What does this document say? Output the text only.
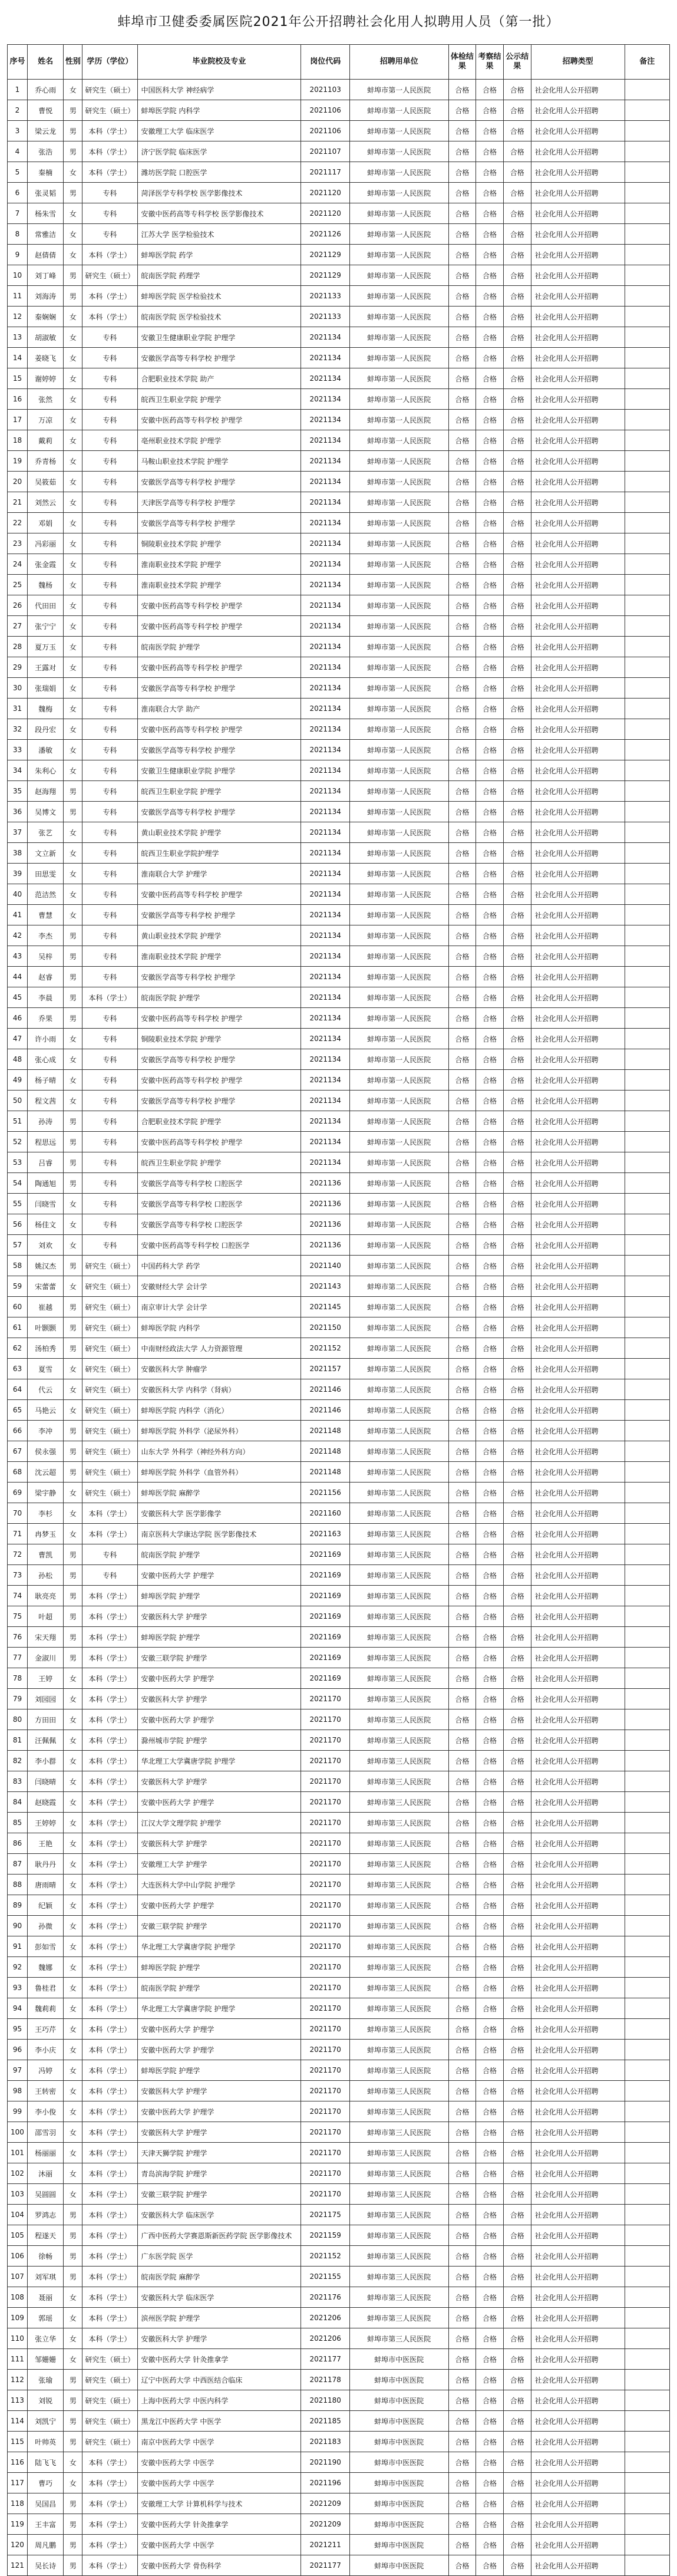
蚌埠市卫健委委属医院2021年公开招聘社会化用人拟聘用人员（第一批）
序号	姓名	性别	学历（学位）	毕业院校及专业	岗位代码	招聘用单位	体检结果	考察结果	公示结果	招聘类型	备注
1	乔心雨	女	研究生（硕士）	中国医科大学 神经病学	2021103	蚌埠市第一人民医院	合格	合格	合格	社会化用人公开招聘	
2	曹悦	男	研究生（硕士）	蚌埠医学院 内科学	2021106	蚌埠市第一人民医院	合格	合格	合格	社会化用人公开招聘	
3	梁云龙	男	本科（学士）	安徽理工大学 临床医学	2021106	蚌埠市第一人民医院	合格	合格	合格	社会化用人公开招聘	
4	张浩	男	本科（学士）	济宁医学院 临床医学	2021107	蚌埠市第一人民医院	合格	合格	合格	社会化用人公开招聘	
5	秦楠	女	本科（学士）	潍坊医学院 口腔医学	2021117	蚌埠市第一人民医院	合格	合格	合格	社会化用人公开招聘	
6	张灵韬	男	专科	菏泽医学专科学校 医学影像技术	2021120	蚌埠市第一人民医院	合格	合格	合格	社会化用人公开招聘	
7	杨朱雪	女	专科	安徽中医药高等专科学校 医学影像技术	2021120	蚌埠市第一人民医院	合格	合格	合格	社会化用人公开招聘	
8	常雅洁	女	专科	江苏大学 医学检验技术	2021126	蚌埠市第一人民医院	合格	合格	合格	社会化用人公开招聘	
9	赵倩倩	女	本科（学士）	蚌埠医学院 药学	2021129	蚌埠市第一人民医院	合格	合格	合格	社会化用人公开招聘	
10	刘丁峰	男	研究生（硕士）	皖南医学院 药理学	2021129	蚌埠市第一人民医院	合格	合格	合格	社会化用人公开招聘	
11	刘海涛	男	本科（学士）	蚌埠医学院 医学检验技术	2021133	蚌埠市第一人民医院	合格	合格	合格	社会化用人公开招聘	
12	秦娴娴	女	本科（学士）	皖南医学院 医学检验技术	2021133	蚌埠市第一人民医院	合格	合格	合格	社会化用人公开招聘	
13	胡淑敏	女	专科	安徽卫生健康职业学院 护理学	2021134	蚌埠市第一人民医院	合格	合格	合格	社会化用人公开招聘	
14	姜晓飞	女	专科	安徽医学高等专科学校 护理学	2021134	蚌埠市第一人民医院	合格	合格	合格	社会化用人公开招聘	
15	谢婷婷	女	专科	合肥职业技术学院 助产	2021134	蚌埠市第一人民医院	合格	合格	合格	社会化用人公开招聘	
16	张然	女	专科	皖西卫生职业学院 护理学	2021134	蚌埠市第一人民医院	合格	合格	合格	社会化用人公开招聘	
17	万凉	女	专科	安徽中医药高等专科学校 护理学	2021134	蚌埠市第一人民医院	合格	合格	合格	社会化用人公开招聘	
18	戴莉	女	专科	亳州职业技术学院 护理学	2021134	蚌埠市第一人民医院	合格	合格	合格	社会化用人公开招聘	
19	乔青杨	女	专科	马鞍山职业技术学院 护理学	2021134	蚌埠市第一人民医院	合格	合格	合格	社会化用人公开招聘	
20	吴筱茹	女	专科	安徽医学高等专科学校 护理学	2021134	蚌埠市第一人民医院	合格	合格	合格	社会化用人公开招聘	
21	刘然云	女	专科	天津医学高等专科学校 护理学	2021134	蚌埠市第一人民医院	合格	合格	合格	社会化用人公开招聘	
22	邓娟	女	专科	安徽医学高等专科学校 护理学	2021134	蚌埠市第一人民医院	合格	合格	合格	社会化用人公开招聘	
23	冯彩丽	女	专科	铜陵职业技术学院 护理学	2021134	蚌埠市第一人民医院	合格	合格	合格	社会化用人公开招聘	
24	张金霞	女	专科	淮南职业技术学院 护理学	2021134	蚌埠市第一人民医院	合格	合格	合格	社会化用人公开招聘	
25	魏杨	女	专科	淮南职业技术学院 护理学	2021134	蚌埠市第一人民医院	合格	合格	合格	社会化用人公开招聘	
26	代田田	女	专科	安徽中医药高等专科学校 护理学	2021134	蚌埠市第一人民医院	合格	合格	合格	社会化用人公开招聘	
27	张宁宁	女	专科	安徽中医药高等专科学校 护理学	2021134	蚌埠市第一人民医院	合格	合格	合格	社会化用人公开招聘	
28	夏万玉	女	专科	皖南医学院 护理学	2021134	蚌埠市第一人民医院	合格	合格	合格	社会化用人公开招聘	
29	王露对	女	专科	安徽中医药高等专科学校 护理学	2021134	蚌埠市第一人民医院	合格	合格	合格	社会化用人公开招聘	
30	张瑞娟	女	专科	安徽医学高等专科学校 护理学	2021134	蚌埠市第一人民医院	合格	合格	合格	社会化用人公开招聘	
31	魏梅	女	专科	淮南联合大学 助产	2021134	蚌埠市第一人民医院	合格	合格	合格	社会化用人公开招聘	
32	段丹宏	女	专科	安徽中医药高等专科学校 护理学	2021134	蚌埠市第一人民医院	合格	合格	合格	社会化用人公开招聘	
33	潘敏	女	专科	安徽医学高等专科学校 护理学	2021134	蚌埠市第一人民医院	合格	合格	合格	社会化用人公开招聘	
34	朱利心	女	专科	安徽卫生健康职业学院 护理学	2021134	蚌埠市第一人民医院	合格	合格	合格	社会化用人公开招聘	
35	赵海翔	男	专科	皖西卫生职业学院 护理学	2021134	蚌埠市第一人民医院	合格	合格	合格	社会化用人公开招聘	
36	吴博文	男	专科	安徽医学高等专科学校 护理学	2021134	蚌埠市第一人民医院	合格	合格	合格	社会化用人公开招聘	
37	张艺	女	专科	黄山职业技术学院 护理学	2021134	蚌埠市第一人民医院	合格	合格	合格	社会化用人公开招聘	
38	文立新	女	专科	皖西卫生职业学院护理学	2021134	蚌埠市第一人民医院	合格	合格	合格	社会化用人公开招聘	
39	田思雯	女	专科	淮南联合大学 护理学	2021134	蚌埠市第一人民医院	合格	合格	合格	社会化用人公开招聘	
40	范洁然	女	专科	安徽中医药高等专科学校 护理学	2021134	蚌埠市第一人民医院	合格	合格	合格	社会化用人公开招聘	
41	曹慧	女	专科	安徽医学高等专科学校 护理学	2021134	蚌埠市第一人民医院	合格	合格	合格	社会化用人公开招聘	
42	李杰	男	专科	黄山职业技术学院 护理学	2021134	蚌埠市第一人民医院	合格	合格	合格	社会化用人公开招聘	
43	吴梓	男	专科	淮南职业技术学院 护理学	2021134	蚌埠市第一人民医院	合格	合格	合格	社会化用人公开招聘	
44	赵睿	男	专科	安徽医学高等专科学校 护理学	2021134	蚌埠市第一人民医院	合格	合格	合格	社会化用人公开招聘	
45	李晨	男	本科（学士）	皖南医学院 护理学	2021134	蚌埠市第一人民医院	合格	合格	合格	社会化用人公开招聘	
46	乔果	男	专科	安徽中医药高等专科学校 护理学	2021134	蚌埠市第一人民医院	合格	合格	合格	社会化用人公开招聘	
47	许小雨	女	专科	铜陵职业技术学院 护理学	2021134	蚌埠市第一人民医院	合格	合格	合格	社会化用人公开招聘	
48	张心成	女	专科	安徽医学高等专科学校 护理学	2021134	蚌埠市第一人民医院	合格	合格	合格	社会化用人公开招聘	
49	杨子晴	女	专科	安徽中医药高等专科学校 护理学	2021134	蚌埠市第一人民医院	合格	合格	合格	社会化用人公开招聘	
50	程文茜	女	专科	安徽医学高等专科学校 护理学	2021134	蚌埠市第一人民医院	合格	合格	合格	社会化用人公开招聘	
51	孙涛	男	专科	合肥职业技术学院 护理学	2021134	蚌埠市第一人民医院	合格	合格	合格	社会化用人公开招聘	
52	程思远	男	专科	安徽中医药高等专科学校 护理学	2021134	蚌埠市第一人民医院	合格	合格	合格	社会化用人公开招聘	
53	吕睿	男	专科	皖西卫生职业学院 护理学	2021134	蚌埠市第一人民医院	合格	合格	合格	社会化用人公开招聘	
54	陶通旭	男	专科	安徽医学高等专科学校 口腔医学	2021136	蚌埠市第一人民医院	合格	合格	合格	社会化用人公开招聘	
55	闫晓雪	女	专科	安徽医学高等专科学校 口腔医学	2021136	蚌埠市第一人民医院	合格	合格	合格	社会化用人公开招聘	
56	杨佳文	女	专科	安徽医学高等专科学校 口腔医学	2021136	蚌埠市第一人民医院	合格	合格	合格	社会化用人公开招聘	
57	刘欢	女	专科	安徽中医药高等专科学校 口腔医学	2021136	蚌埠市第一人民医院	合格	合格	合格	社会化用人公开招聘	
58	姚汉杰	男	研究生（硕士）	中国药科大学 药学	2021140	蚌埠市第二人民医院	合格	合格	合格	社会化用人公开招聘	
59	宋蕾蕾	女	研究生（硕士）	安徽财经大学 会计学	2021143	蚌埠市第二人民医院	合格	合格	合格	社会化用人公开招聘	
60	崔越	男	研究生（硕士）	南京审计大学 会计学	2021145	蚌埠市第二人民医院	合格	合格	合格	社会化用人公开招聘	
61	叶颢颢	男	研究生（硕士）	蚌埠医学院 内科学	2021150	蚌埠市第二人民医院	合格	合格	合格	社会化用人公开招聘	
62	汤柏秀	男	研究生（硕士）	中南财经政法大学 人力资源管理	2021152	蚌埠市第二人民医院	合格	合格	合格	社会化用人公开招聘	
63	夏雪	女	研究生（硕士）	安徽医科大学 肿瘤学	2021157	蚌埠市第二人民医院	合格	合格	合格	社会化用人公开招聘	
64	代云	女	研究生（硕士）	安徽医科大学 内科学（肾病）	2021146	蚌埠市第二人民医院	合格	合格	合格	社会化用人公开招聘	
65	马艳云	女	研究生（硕士）	蚌埠医学院 内科学（消化）	2021146	蚌埠市第二人民医院	合格	合格	合格	社会化用人公开招聘	
66	李冲	男	研究生（硕士）	蚌埠医学院 外科学（泌尿外科）	2021148	蚌埠市第二人民医院	合格	合格	合格	社会化用人公开招聘	
67	侯永强	男	研究生（硕士）	山东大学 外科学（神经外科方向）	2021148	蚌埠市第二人民医院	合格	合格	合格	社会化用人公开招聘	
68	沈云超	男	研究生（硕士）	蚌埠医学院 外科学（血管外科）	2021148	蚌埠市第二人民医院	合格	合格	合格	社会化用人公开招聘	
69	梁宇静	女	研究生（硕士）	蚌埠医学院 麻醉学	2021156	蚌埠市第二人民医院	合格	合格	合格	社会化用人公开招聘	
70	李杉	女	本科（学士）	安徽医科大学 医学影像学	2021160	蚌埠市第二人民医院	合格	合格	合格	社会化用人公开招聘	
71	冉梦玉	女	本科（学士）	南京医科大学康达学院 医学影像技术	2021163	蚌埠市第三人民医院	合格	合格	合格	社会化用人公开招聘	
72	曹凯	男	专科	皖南医学院 护理学	2021169	蚌埠市第三人民医院	合格	合格	合格	社会化用人公开招聘	
73	孙松	男	专科	安徽中医药大学 护理学	2021169	蚌埠市第三人民医院	合格	合格	合格	社会化用人公开招聘	
74	耿亮亮	男	本科（学士）	蚌埠医学院 护理学	2021169	蚌埠市第三人民医院	合格	合格	合格	社会化用人公开招聘	
75	叶超	男	本科（学士）	安徽医科大学 护理学	2021169	蚌埠市第三人民医院	合格	合格	合格	社会化用人公开招聘	
76	宋天翔	男	本科（学士）	蚌埠医学院 护理学	2021169	蚌埠市第三人民医院	合格	合格	合格	社会化用人公开招聘	
77	金淑川	男	本科（学士）	安徽三联学院 护理学	2021169	蚌埠市第三人民医院	合格	合格	合格	社会化用人公开招聘	
78	王婷	女	本科（学士）	安徽中医药大学 护理学	2021169	蚌埠市第三人民医院	合格	合格	合格	社会化用人公开招聘	
79	刘园园	女	本科（学士）	安徽医科大学 护理学	2021170	蚌埠市第三人民医院	合格	合格	合格	社会化用人公开招聘	
80	方田田	女	本科（学士）	安徽中医药大学 护理学	2021170	蚌埠市第三人民医院	合格	合格	合格	社会化用人公开招聘	
81	汪佩佩	女	本科（学士）	滁州城市学院 护理学	2021170	蚌埠市第三人民医院	合格	合格	合格	社会化用人公开招聘	
82	李小群	女	本科（学士）	华北理工大学冀唐学院 护理学	2021170	蚌埠市第三人民医院	合格	合格	合格	社会化用人公开招聘	
83	闫晓晴	女	本科（学士）	安徽医科大学 护理学	2021170	蚌埠市第三人民医院	合格	合格	合格	社会化用人公开招聘	
84	赵晓霞	女	本科（学士）	安徽中医药大学 护理学	2021170	蚌埠市第三人民医院	合格	合格	合格	社会化用人公开招聘	
85	王婷婷	女	本科（学士）	江汉大学文理学院 护理学	2021170	蚌埠市第三人民医院	合格	合格	合格	社会化用人公开招聘	
86	王艳	女	本科（学士）	安徽医科大学 护理学	2021170	蚌埠市第三人民医院	合格	合格	合格	社会化用人公开招聘	
87	耿丹丹	女	本科（学士）	安徽理工大学 护理学	2021170	蚌埠市第三人民医院	合格	合格	合格	社会化用人公开招聘	
88	唐雨晴	女	本科（学士）	大连医科大学中山学院 护理学	2021170	蚌埠市第三人民医院	合格	合格	合格	社会化用人公开招聘	
89	纪颖	女	本科（学士）	安徽中医药大学 护理学	2021170	蚌埠市第三人民医院	合格	合格	合格	社会化用人公开招聘	
90	孙微	女	本科（学士）	安徽三联学院 护理学	2021170	蚌埠市第三人民医院	合格	合格	合格	社会化用人公开招聘	
91	彭如雪	女	本科（学士）	华北理工大学冀唐学院 护理学	2021170	蚌埠市第三人民医院	合格	合格	合格	社会化用人公开招聘	
92	魏娜	女	本科（学士）	蚌埠医学院 护理学	2021170	蚌埠市第三人民医院	合格	合格	合格	社会化用人公开招聘	
93	鲁桂君	女	本科（学士）	皖南医学院 护理学	2021170	蚌埠市第三人民医院	合格	合格	合格	社会化用人公开招聘	
94	魏莉莉	女	本科（学士）	华北理工大学冀唐学院 护理学	2021170	蚌埠市第三人民医院	合格	合格	合格	社会化用人公开招聘	
95	王巧芹	女	本科（学士）	安徽中医药大学 护理学	2021170	蚌埠市第三人民医院	合格	合格	合格	社会化用人公开招聘	
96	李小庆	女	本科（学士）	安徽中医药大学 护理学	2021170	蚌埠市第三人民医院	合格	合格	合格	社会化用人公开招聘	
97	冯婷	女	本科（学士）	蚌埠医学院 护理学	2021170	蚌埠市第三人民医院	合格	合格	合格	社会化用人公开招聘	
98	王转密	女	本科（学士）	安徽医科大学 护理学	2021170	蚌埠市第三人民医院	合格	合格	合格	社会化用人公开招聘	
99	李小俊	女	本科（学士）	安徽中医药大学 护理学	2021170	蚌埠市第三人民医院	合格	合格	合格	社会化用人公开招聘	
100	邵雪羽	女	本科（学士）	安徽医科大学 护理学	2021170	蚌埠市第三人民医院	合格	合格	合格	社会化用人公开招聘	
101	杨丽丽	女	本科（学士）	天津天狮学院 护理学	2021170	蚌埠市第三人民医院	合格	合格	合格	社会化用人公开招聘	
102	沐丽	女	本科（学士）	青岛滨海学院 护理学	2021170	蚌埠市第三人民医院	合格	合格	合格	社会化用人公开招聘	
103	吴圆圆	女	本科（学士）	安徽三联学院 护理学	2021170	蚌埠市第三人民医院	合格	合格	合格	社会化用人公开招聘	
104	罗鸿志	男	本科（学士）	安徽医科大学 临床医学	2021175	蚌埠市第三人民医院	合格	合格	合格	社会化用人公开招聘	
105	程遂天	男	本科（学士）	广西中医药大学赛恩斯新医药学院 医学影像技术	2021159	蚌埠市第三人民医院	合格	合格	合格	社会化用人公开招聘	
106	徐畅	男	本科（学士）	广东医学院 医学	2021152	蚌埠市第三人民医院	合格	合格	合格	社会化用人公开招聘	
107	刘军琪	男	本科（学士）	皖南医学院 麻醉学	2021155	蚌埠市第三人民医院	合格	合格	合格	社会化用人公开招聘	
108	聂丽	女	本科（学士）	安徽医科大学 临床医学	2021176	蚌埠市第三人民医院	合格	合格	合格	社会化用人公开招聘	
109	郭瑶	女	本科（学士）	滨州医学院 护理学	2021206	蚌埠市第三人民医院	合格	合格	合格	社会化用人公开招聘	
110	张立华	女	本科（学士）	安徽医科大学 护理学	2021206	蚌埠市第三人民医院	合格	合格	合格	社会化用人公开招聘	
111	邹姗姗	女	研究生（硕士）	安徽中医药大学 针灸推拿学	2021177	蚌埠市中医医院	合格	合格	合格	社会化用人公开招聘	
112	张瑜	男	研究生（硕士）	辽宁中医药大学 中西医结合临床	2021178	蚌埠市中医医院	合格	合格	合格	社会化用人公开招聘	
113	刘锐	男	研究生（硕士）	上海中医药大学 中医内科学	2021180	蚌埠市中医医院	合格	合格	合格	社会化用人公开招聘	
114	刘凯宁	男	研究生（硕士）	黑龙江中医药大学 中医学	2021185	蚌埠市中医医院	合格	合格	合格	社会化用人公开招聘	
115	叶帅英	男	研究生（硕士）	南京中医药大学 中医学	2021183	蚌埠市中医医院	合格	合格	合格	社会化用人公开招聘	
116	陆飞飞	女	本科（学士）	安徽中医药大学 中医学	2021190	蚌埠市中医医院	合格	合格	合格	社会化用人公开招聘	
117	曹巧	女	本科（学士）	安徽中医药大学 中医学	2021196	蚌埠市中医医院	合格	合格	合格	社会化用人公开招聘	
118	吴国昌	男	本科（学士）	安徽理工大学 计算机科学与技术	2021209	蚌埠市中医医院	合格	合格	合格	社会化用人公开招聘	
119	王丰富	男	本科（学士）	安徽中医药大学 针灸推拿学	2021209	蚌埠市中医医院	合格	合格	合格	社会化用人公开招聘	
120	周凡鹏	男	本科（学士）	安徽中医药大学 中医学	2021211	蚌埠市中医医院	合格	合格	合格	社会化用人公开招聘	
121	吴长诗	男	本科（学士）	安徽中医药大学 骨伤科学	2021177	蚌埠市中医医院	合格	合格	合格	社会化用人公开招聘	
